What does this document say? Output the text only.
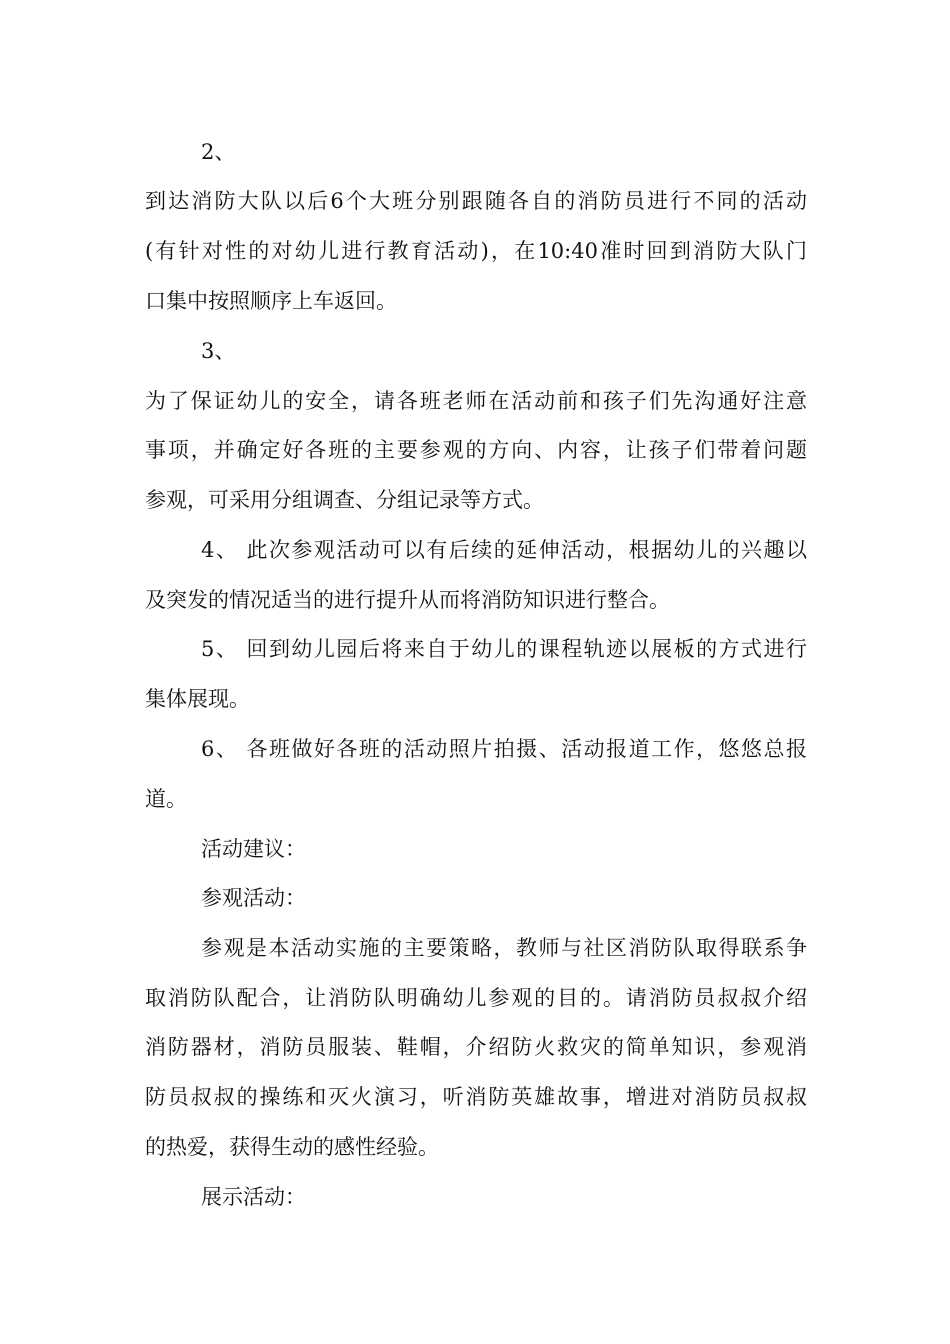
2、
到达消防大队以后6个大班分别跟随各自的消防员进行不同的活动
(有针对性的对幼儿进行教育活动)，在10:40准时回到消防大队门
口集中按照顺序上车返回。
3、
为了保证幼儿的安全，请各班老师在活动前和孩子们先沟通好注意
事项，并确定好各班的主要参观的方向、内容，让孩子们带着问题
参观，可采用分组调查、分组记录等方式。
4、 此次参观活动可以有后续的延伸活动，根据幼儿的兴趣以
及突发的情况适当的进行提升从而将消防知识进行整合。
5、 回到幼儿园后将来自于幼儿的课程轨迹以展板的方式进行
集体展现。
6、 各班做好各班的活动照片拍摄、活动报道工作，悠悠总报
道。
活动建议：
参观活动：
参观是本活动实施的主要策略，教师与社区消防队取得联系争
取消防队配合，让消防队明确幼儿参观的目的。请消防员叔叔介绍
消防器材，消防员服装、鞋帽，介绍防火救灾的简单知识，参观消
防员叔叔的操练和灭火演习，听消防英雄故事，增进对消防员叔叔
的热爱，获得生动的感性经验。
展示活动：
